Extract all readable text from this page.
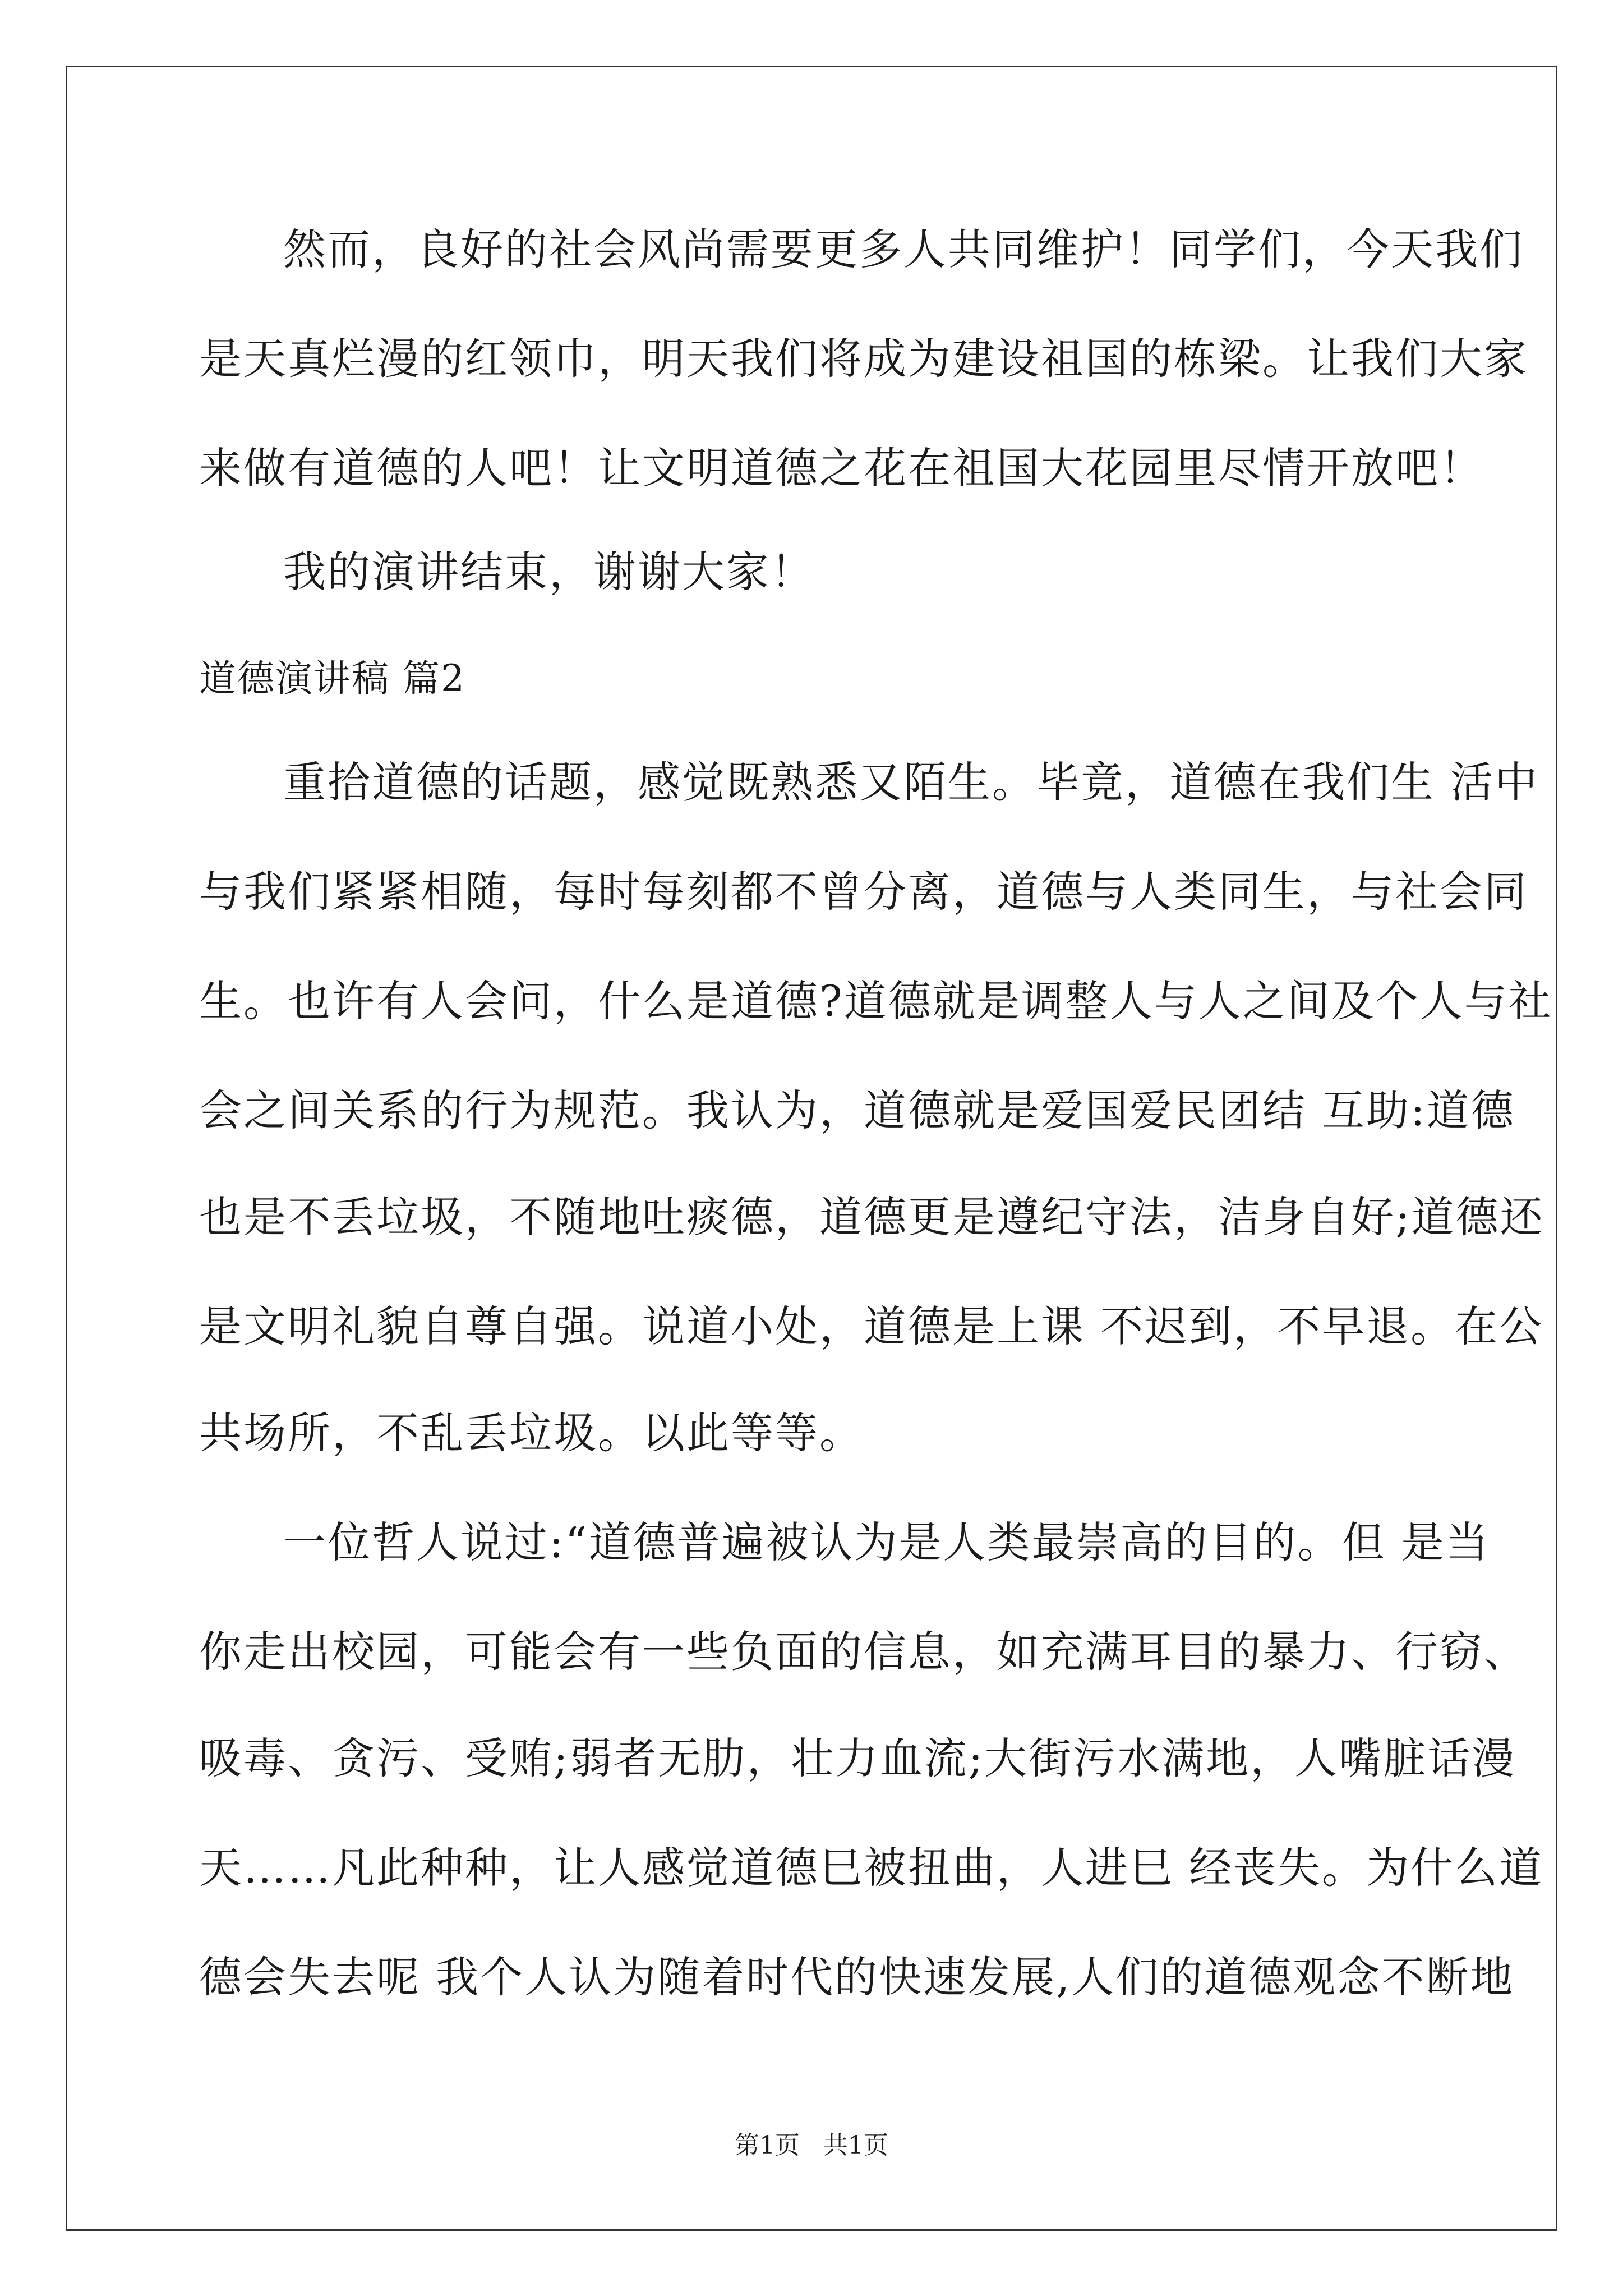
然而，良好的社会风尚需要更多人共同维护！同学们，今天我们
是天真烂漫的红领巾，明天我们将成为建设祖国的栋梁。让我们大家
来做有道德的人吧！让文明道德之花在祖国大花园里尽情开放吧！
我的演讲结束，谢谢大家！
道德演讲稿 篇2
重拾道德的话题，感觉既熟悉又陌生。毕竟，道德在我们生 活中
与我们紧紧相随，每时每刻都不曾分离，道德与人类同生，与社会同
生。也许有人会问，什么是道德?道德就是调整人与人之间及个人与社
会之间关系的行为规范。我认为，道德就是爱国爱民团结 互助:道德
也是不丢垃圾，不随地吐痰德，道德更是遵纪守法，洁身自好;道德还
是文明礼貌自尊自强。说道小处，道德是上课 不迟到，不早退。在公
共场所，不乱丢垃圾。以此等等。
一位哲人说过:“道德普遍被认为是人类最崇高的目的。但 是当
你走出校园，可能会有一些负面的信息，如充满耳目的暴力、行窃、
吸毒、贪污、受贿;弱者无肋，壮力血流;大街污水满地，人嘴脏话漫
天……凡此种种，让人感觉道德巳被扭曲，人进巳 经丧失。为什么道
德会失去呢 我个人认为随着时代的快速发展,人们的道德观念不断地
第1页   共1页
